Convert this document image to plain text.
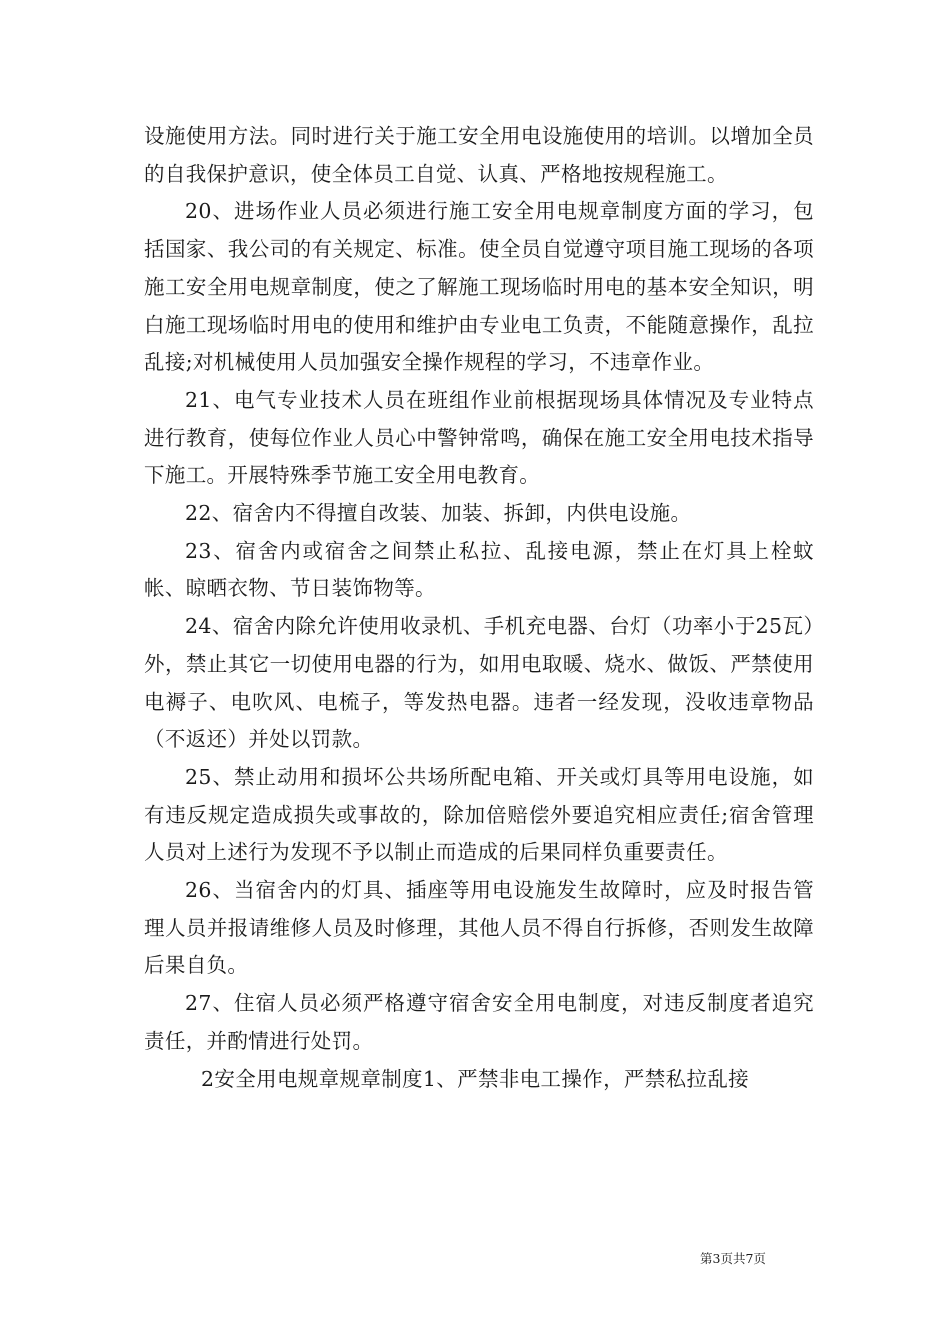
设施使用方法。同时进行关于施工安全用电设施使用的培训。以增加全员的自我保护意识，使全体员工自觉、认真、严格地按规程施工。

20、进场作业人员必须进行施工安全用电规章制度方面的学习，包括国家、我公司的有关规定、标准。使全员自觉遵守项目施工现场的各项施工安全用电规章制度，使之了解施工现场临时用电的基本安全知识，明白施工现场临时用电的使用和维护由专业电工负责，不能随意操作，乱拉乱接;对机械使用人员加强安全操作规程的学习，不违章作业。

21、电气专业技术人员在班组作业前根据现场具体情况及专业特点进行教育，使每位作业人员心中警钟常鸣，确保在施工安全用电技术指导下施工。开展特殊季节施工安全用电教育。

22、宿舍内不得擅自改装、加装、拆卸，内供电设施。

23、宿舍内或宿舍之间禁止私拉、乱接电源，禁止在灯具上栓蚊帐、晾晒衣物、节日装饰物等。

24、宿舍内除允许使用收录机、手机充电器、台灯（功率小于25瓦）外，禁止其它一切使用电器的行为，如用电取暖、烧水、做饭、严禁使用电褥子、电吹风、电梳子，等发热电器。违者一经发现，没收违章物品（不返还）并处以罚款。

25、禁止动用和损坏公共场所配电箱、开关或灯具等用电设施，如有违反规定造成损失或事故的，除加倍赔偿外要追究相应责任;宿舍管理人员对上述行为发现不予以制止而造成的后果同样负重要责任。

26、当宿舍内的灯具、插座等用电设施发生故障时，应及时报告管理人员并报请维修人员及时修理，其他人员不得自行拆修，否则发生故障后果自负。

27、住宿人员必须严格遵守宿舍安全用电制度，对违反制度者追究责任，并酌情进行处罚。

2安全用电规章规章制度1、严禁非电工操作，严禁私拉乱接

第3页共7页
